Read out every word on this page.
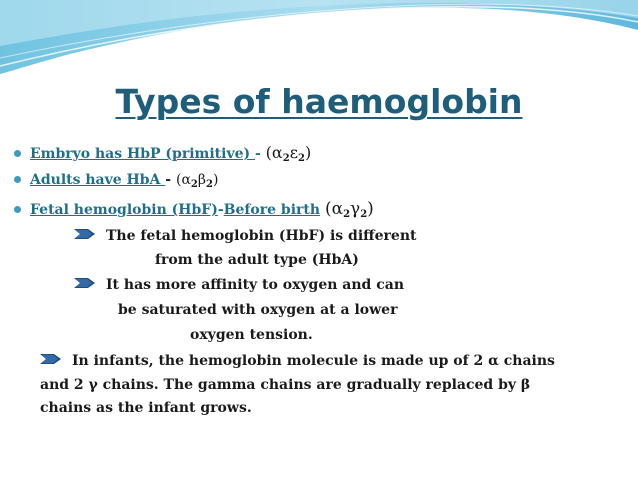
Types of haemoglobin
Embryo has HbP (primitive) - $(\alpha_2\varepsilon_2)$
Adults have HbA - $(\alpha_2\beta_2)$
Fetal hemoglobin (HbF)-Before birth $(\alpha_2\gamma_2)$
The fetal hemoglobin (HbF) is different
from the adult type (HbA)
It has more affinity to oxygen and can
be saturated with oxygen at a lower
oxygen tension.
In infants, the hemoglobin molecule is made up of 2 α chains
and 2 γ chains. The gamma chains are gradually replaced by β
chains as the infant grows.
